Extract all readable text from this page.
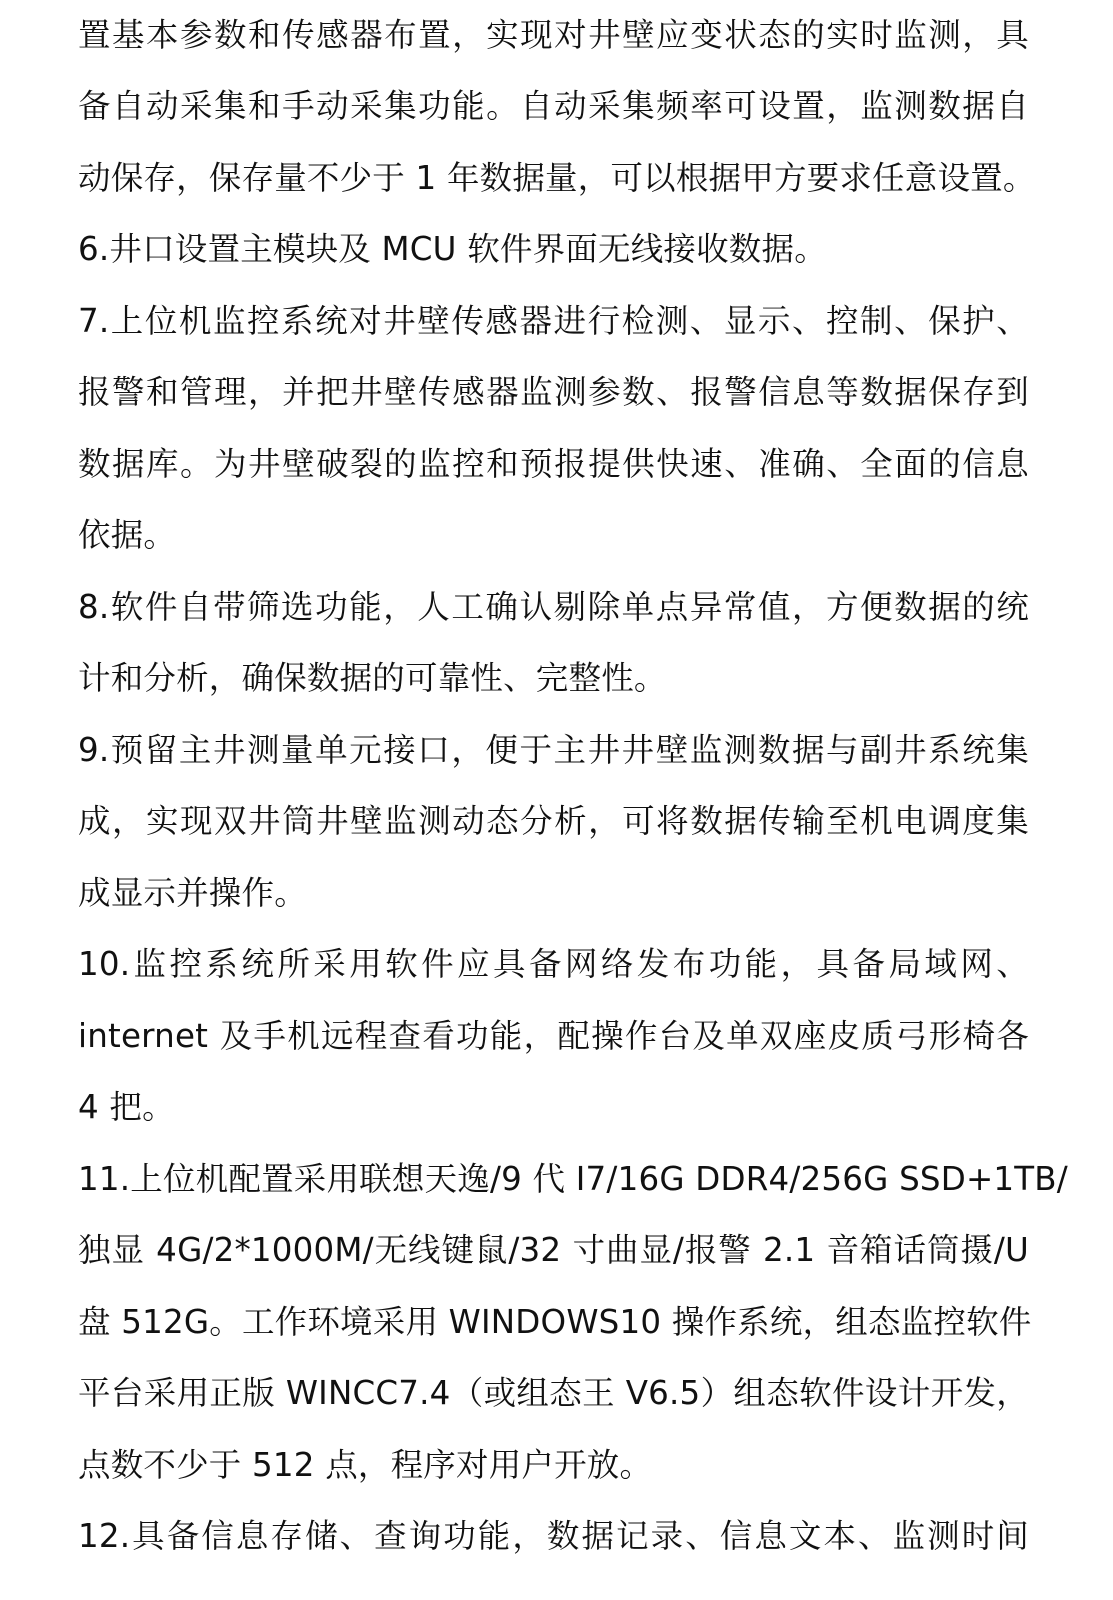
置基本参数和传感器布置，实现对井壁应变状态的实时监测，具
备自动采集和手动采集功能。自动采集频率可设置，监测数据自
动保存，保存量不少于 1 年数据量，可以根据甲方要求任意设置。
6.井口设置主模块及 MCU 软件界面无线接收数据。
7.上位机监控系统对井壁传感器进行检测、显示、控制、保护、
报警和管理，并把井壁传感器监测参数、报警信息等数据保存到
数据库。为井壁破裂的监控和预报提供快速、准确、全面的信息
依据。
8.软件自带筛选功能，人工确认剔除单点异常值，方便数据的统
计和分析，确保数据的可靠性、完整性。
9.预留主井测量单元接口，便于主井井壁监测数据与副井系统集
成，实现双井筒井壁监测动态分析，可将数据传输至机电调度集
成显示并操作。
10.监控系统所采用软件应具备网络发布功能，具备局域网、
internet 及手机远程查看功能，配操作台及单双座皮质弓形椅各
4 把。
11.上位机配置采用联想天逸/9 代 I7/16G DDR4/256G SSD+1TB/
独显 4G/2*1000M/无线键鼠/32 寸曲显/报警 2.1 音箱话筒摄/U
盘 512G。工作环境采用 WINDOWS10 操作系统，组态监控软件
平台采用正版 WINCC7.4（或组态王 V6.5）组态软件设计开发，
点数不少于 512 点，程序对用户开放。
12.具备信息存储、查询功能，数据记录、信息文本、监测时间
